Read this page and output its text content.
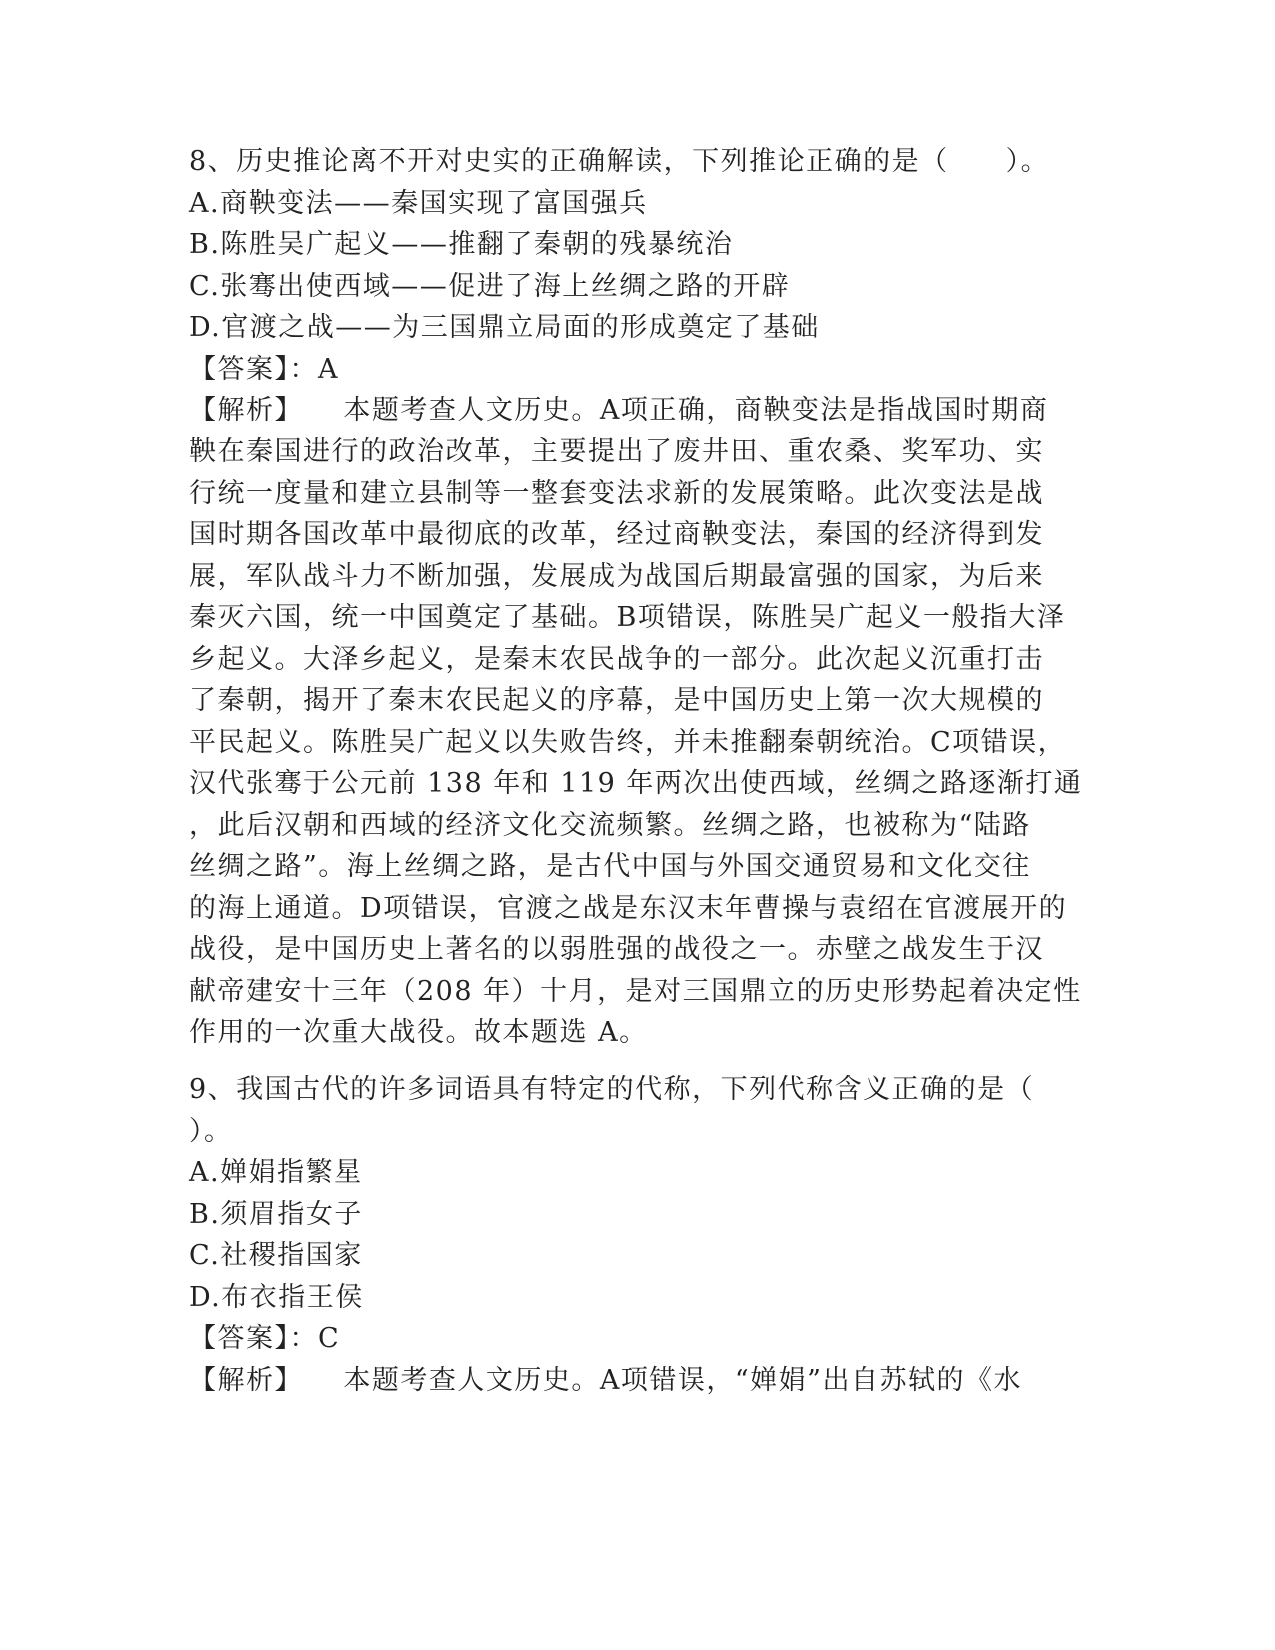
8、历史推论离不开对史实的正确解读，下列推论正确的是（　　）。
A.商鞅变法——秦国实现了富国强兵
B.陈胜吴广起义——推翻了秦朝的残暴统治
C.张骞出使西域——促进了海上丝绸之路的开辟
D.官渡之战——为三国鼎立局面的形成奠定了基础
【答案】：A
【解析】 本题考查人文历史。A项正确，商鞅变法是指战国时期商
鞅在秦国进行的政治改革，主要提出了废井田、重农桑、奖军功、实
行统一度量和建立县制等一整套变法求新的发展策略。此次变法是战
国时期各国改革中最彻底的改革，经过商鞅变法，秦国的经济得到发
展，军队战斗力不断加强，发展成为战国后期最富强的国家，为后来
秦灭六国，统一中国奠定了基础。B项错误，陈胜吴广起义一般指大泽
乡起义。大泽乡起义，是秦末农民战争的一部分。此次起义沉重打击
了秦朝，揭开了秦末农民起义的序幕，是中国历史上第一次大规模的
平民起义。陈胜吴广起义以失败告终，并未推翻秦朝统治。C项错误，
汉代张骞于公元前 138 年和 119 年两次出使西域，丝绸之路逐渐打通
，此后汉朝和西域的经济文化交流频繁。丝绸之路，也被称为“陆路
丝绸之路”。海上丝绸之路，是古代中国与外国交通贸易和文化交往
的海上通道。D项错误，官渡之战是东汉末年曹操与袁绍在官渡展开的
战役，是中国历史上著名的以弱胜强的战役之一。赤壁之战发生于汉
献帝建安十三年（208 年）十月，是对三国鼎立的历史形势起着决定性
作用的一次重大战役。故本题选 A。
9、我国古代的许多词语具有特定的代称，下列代称含义正确的是（
）。
A.婵娟指繁星
B.须眉指女子
C.社稷指国家
D.布衣指王侯
【答案】：C
【解析】 本题考查人文历史。A项错误，“婵娟”出自苏轼的《水
